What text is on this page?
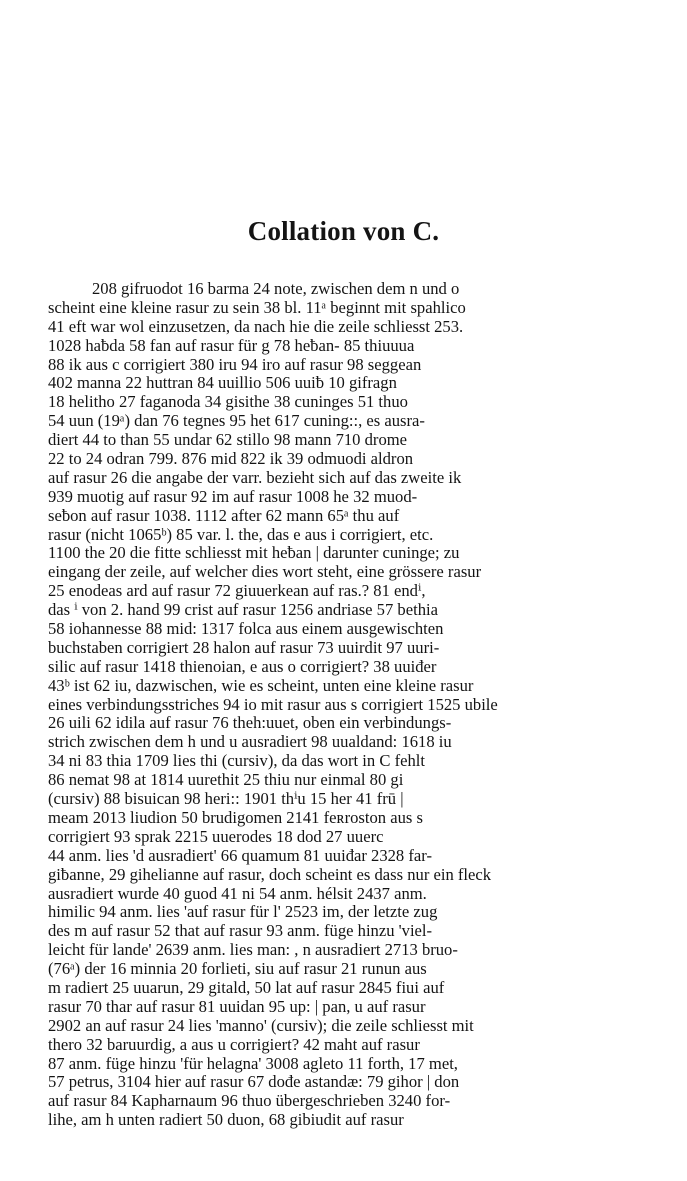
Collation von C.
208 gifruodot 16 barma 24 note, zwischen dem n und o
scheint eine kleine rasur zu sein 38 bl. 11ᵃ beginnt mit spahlico
41 eft war wol einzusetzen, da nach hie die zeile schliesst 253.
1028 haƀda 58 fan auf rasur für g 78 heƀan- 85 thiuuua
88 ik aus c corrigiert 380 iru 94 iro auf rasur 98 seggean
402 manna 22 huttran 84 uuillio 506 uuiƀ 10 gifragn
18 helitho 27 faganoda 34 gisithe 38 cuninges 51 thuo
54 uun (19ᵃ) dan 76 tegnes 95 het 617 cuning::, es ausra-
diert 44 to than 55 undar 62 stillo 98 mann 710 drome
22 to 24 odran 799. 876 mid 822 ik 39 odmuodi aldron
auf rasur 26 die angabe der varr. bezieht sich auf das zweite ik
939 muotig auf rasur 92 im auf rasur 1008 he 32 muod-
seƀon auf rasur 1038. 1112 after 62 mann 65ᵃ thu auf
rasur (nicht 1065ᵇ) 85 var. l. the, das e aus i corrigiert, etc.
1100 the 20 die fitte schliesst mit heƀan | darunter cuninge; zu
eingang der zeile, auf welcher dies wort steht, eine grössere rasur
25 enodeas ard auf rasur 72 giuuerkean auf ras.? 81 endⁱ,
das ⁱ von 2. hand 99 crist auf rasur 1256 andriase 57 bethia
58 iohannesse 88 mid: 1317 folca aus einem ausgewischten
buchstaben corrigiert 28 halon auf rasur 73 uuirdit 97 uuri-
silic auf rasur 1418 thienoian, e aus o corrigiert? 38 uuiđer
43ᵇ ist 62 iu, dazwischen, wie es scheint, unten eine kleine rasur
eines verbindungsstriches 94 io mit rasur aus s corrigiert 1525 ubile
26 uili 62 idila auf rasur 76 theh:uuet, oben ein verbindungs-
strich zwischen dem h und u ausradiert 98 uualdand: 1618 iu
34 ni 83 thia 1709 lies thi (cursiv), da das wort in C fehlt
86 nemat 98 at 1814 uurethit 25 thiu nur einmal 80 gi
(cursiv) 88 bisuican 98 heri:: 1901 thⁱu 15 her 41 frū |
meam 2013 liudion 50 brudigomen 2141 feʀroston aus s
corrigiert 93 sprak 2215 uuerodes 18 dod 27 uuerc
44 anm. lies 'd ausradiert' 66 quamum 81 uuiđar 2328 far-
giƀanne, 29 gihelianne auf rasur, doch scheint es dass nur ein fleck
ausradiert wurde 40 guod 41 ni 54 anm. hélsit 2437 anm.
himilic 94 anm. lies 'auf rasur für l' 2523 im, der letzte zug
des m auf rasur 52 that auf rasur 93 anm. füge hinzu 'viel-
leicht für lande' 2639 anm. lies man: , n ausradiert 2713 bruo-
(76ᵃ) der 16 minnia 20 forlieti, siu auf rasur 21 runun aus
m radiert 25 uuarun, 29 gitald, 50 lat auf rasur 2845 fiui auf
rasur 70 thar auf rasur 81 uuidan 95 up: | pan, u auf rasur
2902 an auf rasur 24 lies 'manno' (cursiv); die zeile schliesst mit
thero 32 baruurdig, a aus u corrigiert? 42 maht auf rasur
87 anm. füge hinzu 'für helagna' 3008 agleto 11 forth, 17 met,
57 petrus, 3104 hier auf rasur 67 dođe astandæ: 79 gihor | don
auf rasur 84 Kapharnaum 96 thuo übergeschrieben 3240 for-
lihe, am h unten radiert 50 duon, 68 gibiudit auf rasur
